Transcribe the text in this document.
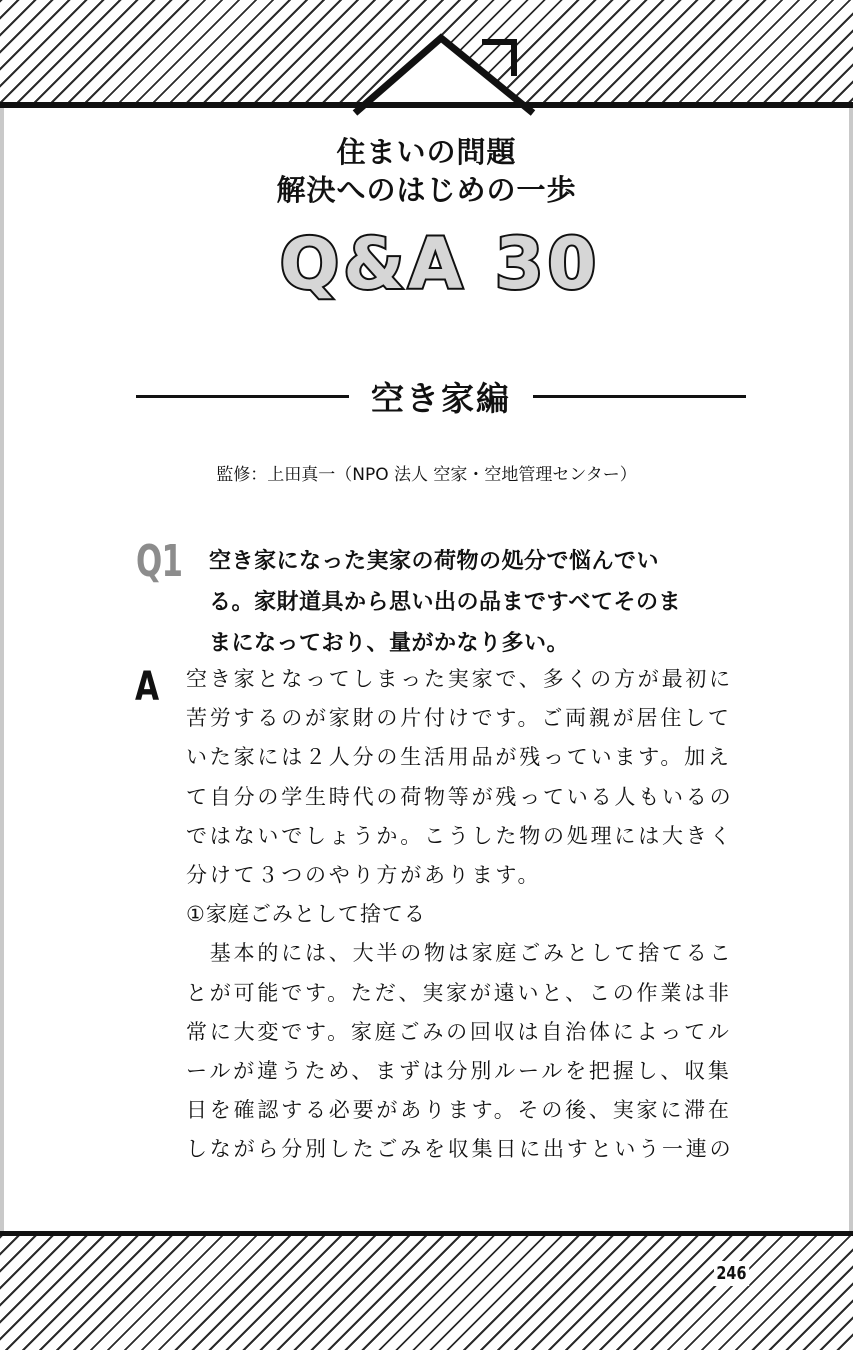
住まいの問題
解決へのはじめの一歩
Q&A 30
空き家編
監修：上田真一（NPO 法人 空家・空地管理センター）
Q1 空き家になった実家の荷物の処分で悩んでい
る。家財道具から思い出の品まですべてそのま
まになっており、量がかなり多い。
A 空き家となってしまった実家で、多くの方が最初に

苦労するのが家財の片付けです。ご両親が居住して

いた家には２人分の生活用品が残っています。加え

て自分の学生時代の荷物等が残っている人もいるの

ではないでしょうか。こうした物の処理には大きく

分けて３つのやり方があります。

①家庭ごみとして捨てる

　基本的には、大半の物は家庭ごみとして捨てるこ

とが可能です。ただ、実家が遠いと、この作業は非

常に大変です。家庭ごみの回収は自治体によってル

ールが違うため、まずは分別ルールを把握し、収集

日を確認する必要があります。その後、実家に滞在

しながら分別したごみを収集日に出すという一連の

246
